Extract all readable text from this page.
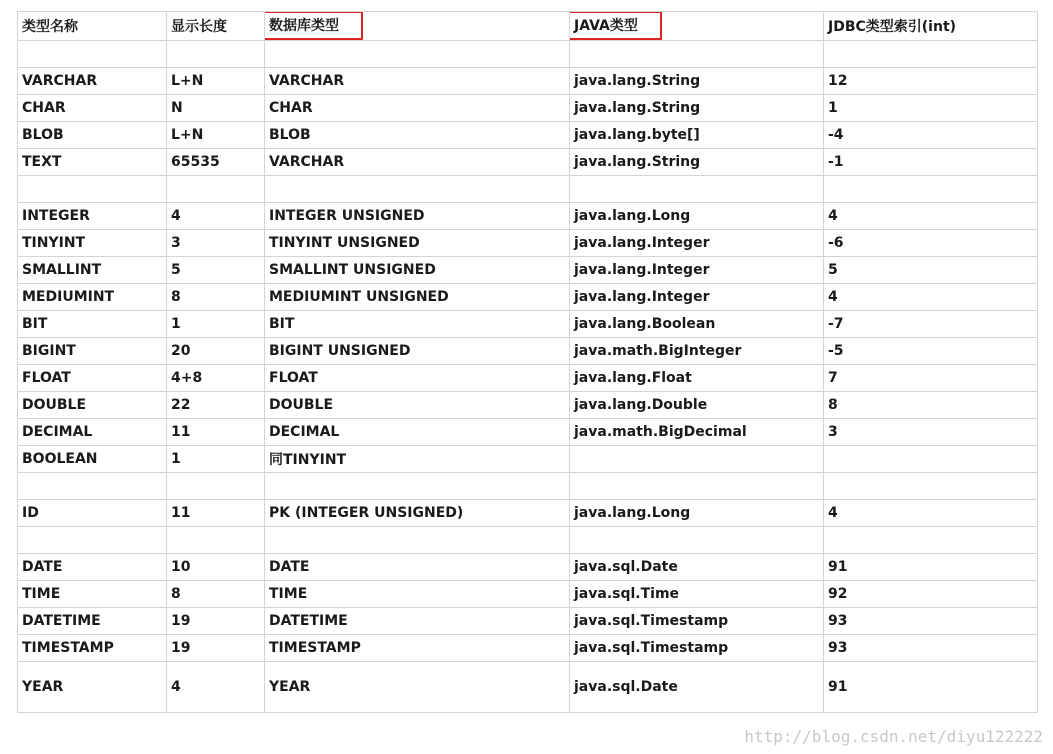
类型名称	显示长度	数据库类型	JAVA类型	JDBC类型索引(int)

VARCHAR	L+N	VARCHAR	java.lang.String	12
CHAR	N	CHAR	java.lang.String	1
BLOB	L+N	BLOB	java.lang.byte[]	-4
TEXT	65535	VARCHAR	java.lang.String	-1

INTEGER	4	INTEGER UNSIGNED	java.lang.Long	4
TINYINT	3	TINYINT UNSIGNED	java.lang.Integer	-6
SMALLINT	5	SMALLINT UNSIGNED	java.lang.Integer	5
MEDIUMINT	8	MEDIUMINT UNSIGNED	java.lang.Integer	4
BIT	1	BIT	java.lang.Boolean	-7
BIGINT	20	BIGINT UNSIGNED	java.math.BigInteger	-5
FLOAT	4+8	FLOAT	java.lang.Float	7
DOUBLE	22	DOUBLE	java.lang.Double	8
DECIMAL	11	DECIMAL	java.math.BigDecimal	3
BOOLEAN	1	同TINYINT		

ID	11	PK (INTEGER UNSIGNED)	java.lang.Long	4

DATE	10	DATE	java.sql.Date	91
TIME	8	TIME	java.sql.Time	92
DATETIME	19	DATETIME	java.sql.Timestamp	93
TIMESTAMP	19	TIMESTAMP	java.sql.Timestamp	93
YEAR	4	YEAR	java.sql.Date	91
http://blog.csdn.net/diyu122222
